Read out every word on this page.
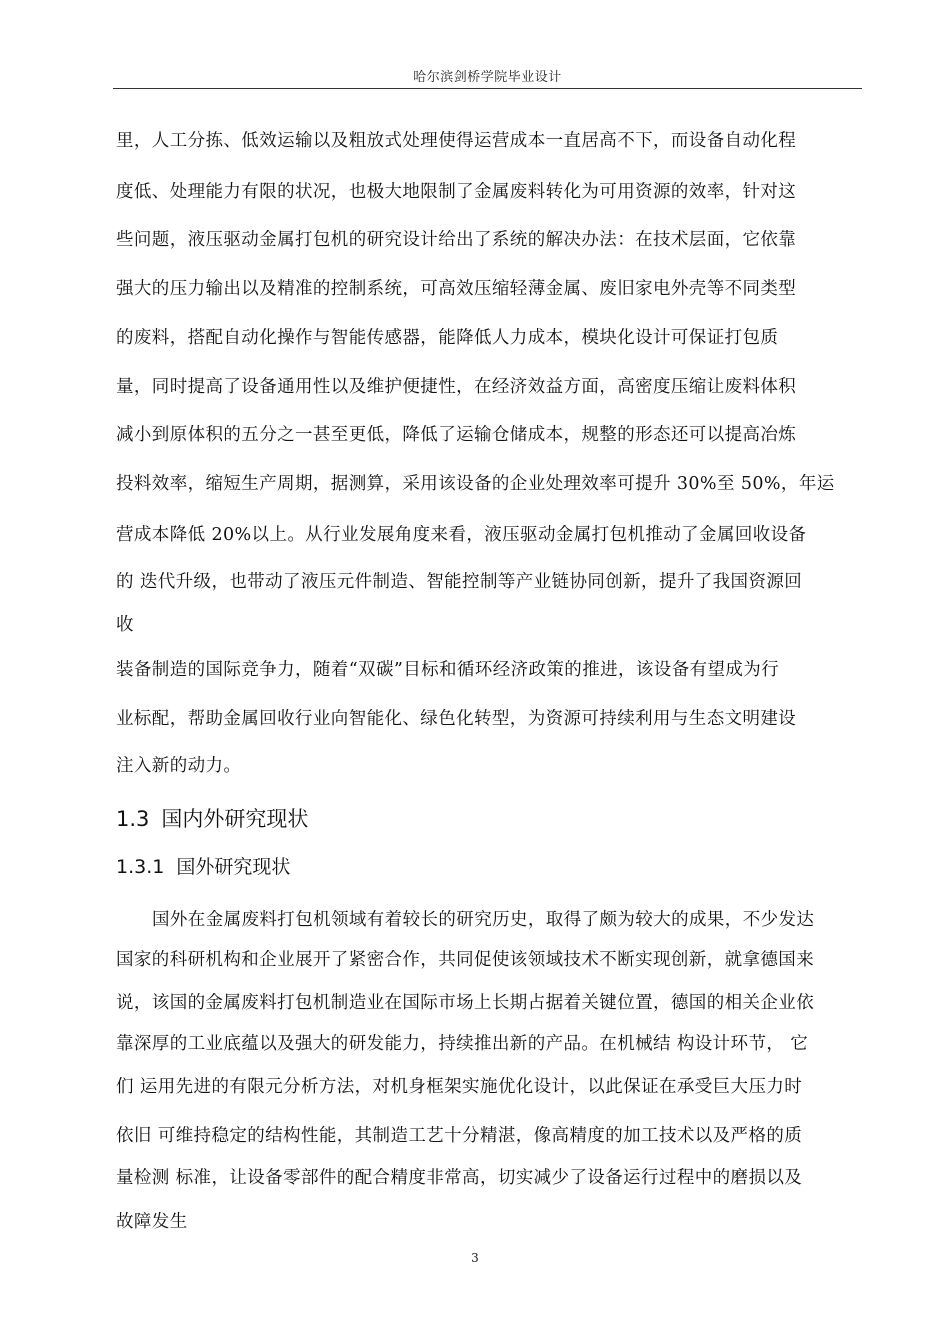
哈尔滨剑桥学院毕业设计
里，人工分拣、低效运输以及粗放式处理使得运营成本一直居高不下，而设备自动化程
度低、处理能力有限的状况，也极大地限制了金属废料转化为可用资源的效率，针对这
些问题，液压驱动金属打包机的研究设计给出了系统的解决办法：在技术层面，它依靠
强大的压力输出以及精准的控制系统，可高效压缩轻薄金属、废旧家电外壳等不同类型
的废料，搭配自动化操作与智能传感器，能降低人力成本，模块化设计可保证打包质
量，同时提高了设备通用性以及维护便捷性，在经济效益方面，高密度压缩让废料体积
减小到原体积的五分之一甚至更低，降低了运输仓储成本，规整的形态还可以提高冶炼
投料效率，缩短生产周期，据测算，采用该设备的企业处理效率可提升 30%至 50%，年运
营成本降低 20%以上。从行业发展角度来看，液压驱动金属打包机推动了金属回收设备
的 迭代升级，也带动了液压元件制造、智能控制等产业链协同创新，提升了我国资源回
收
装备制造的国际竞争力，随着“双碳”目标和循环经济政策的推进，该设备有望成为行
业标配，帮助金属回收行业向智能化、绿色化转型，为资源可持续利用与生态文明建设
注入新的动力。
1.3 国内外研究现状
1.3.1 国外研究现状
国外在金属废料打包机领域有着较长的研究历史，取得了颇为较大的成果，不少发达
国家的科研机构和企业展开了紧密合作，共同促使该领域技术不断实现创新，就拿德国来
说，该国的金属废料打包机制造业在国际市场上长期占据着关键位置，德国的相关企业依
靠深厚的工业底蕴以及强大的研发能力，持续推出新的产品。在机械结 构设计环节， 它
们 运用先进的有限元分析方法，对机身框架实施优化设计，以此保证在承受巨大压力时
依旧 可维持稳定的结构性能，其制造工艺十分精湛，像高精度的加工技术以及严格的质
量检测 标准，让设备零部件的配合精度非常高，切实减少了设备运行过程中的磨损以及
故障发生
3
